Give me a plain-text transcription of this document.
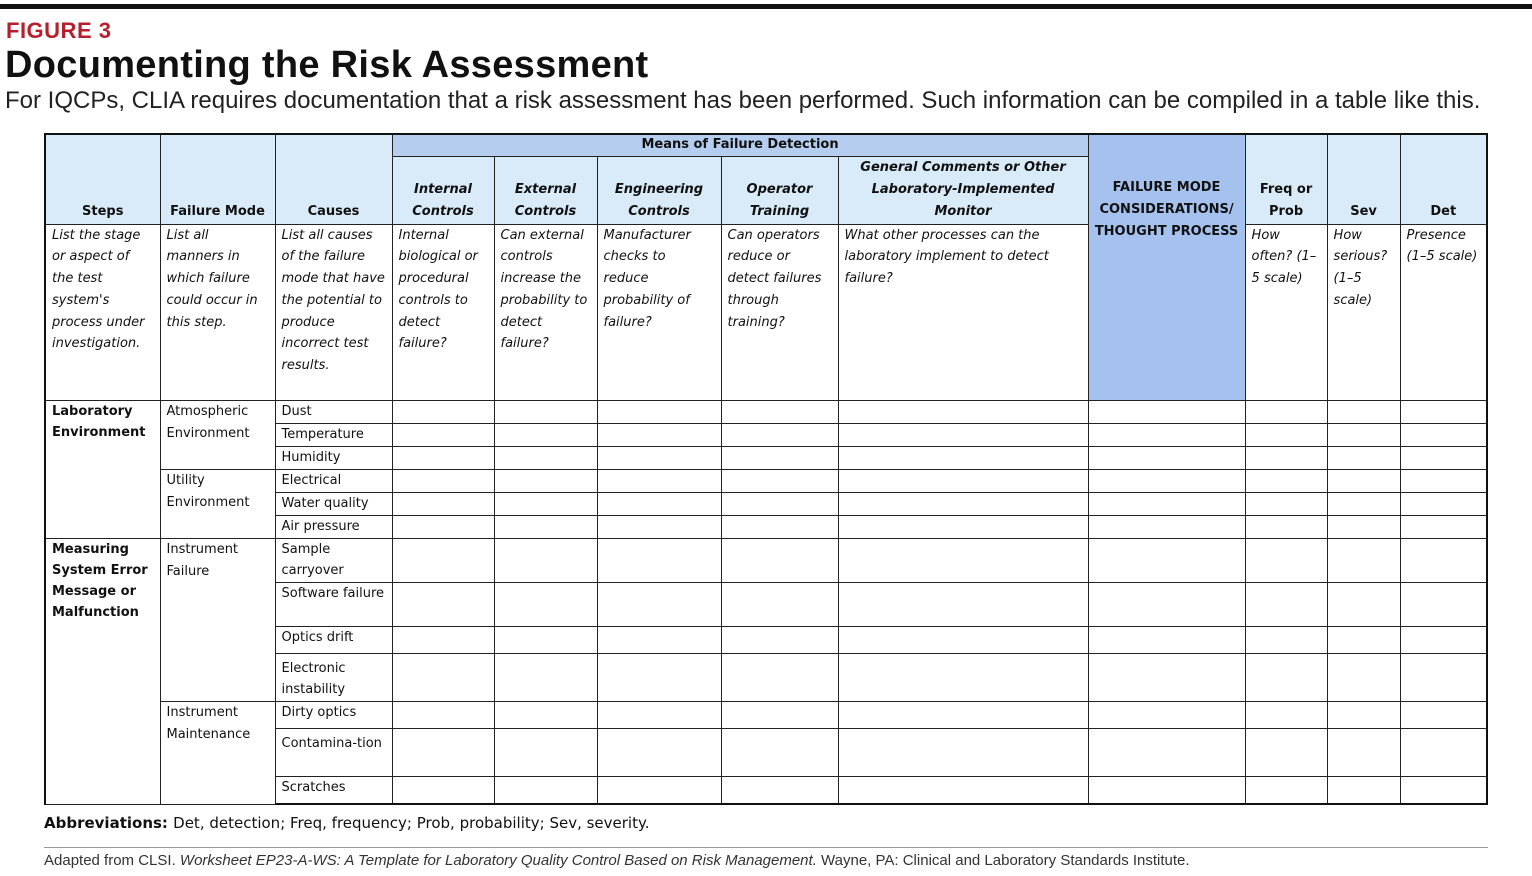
FIGURE 3
Documenting the Risk Assessment
For IQCPs, CLIA requires documentation that a risk assessment has been performed. Such information can be compiled in a table like this.
Steps	Failure Mode	Causes	Means of Failure Detection					FAILURE MODE CONSIDERATIONS/ THOUGHT PROCESS	Freq or Prob	Sev	Det	
			Internal Controls	External Controls	Engineering Controls	Operator Training	General Comments or Other Laboratory-Implemented Monitor					
List the stage or aspect of the test system's process under investigation.	List all manners in which failure could occur in this step.	List all causes of the failure mode that have the potential to produce incorrect test results.	Internal biological or procedural controls to detect failure?	Can external controls increase the probability to detect failure?	Manufacturer checks to reduce probability of failure?	Can operators reduce or detect failures through training?	What other processes can the laboratory implement to detect failure?		How often? (1–5 scale)	How serious? (1–5 scale)	Presence (1–5 scale)	
Laboratory Environment	Atmospheric Environment	Dust										
		Temperature										
		Humidity										
	Utility Environment	Electrical										
		Water quality										
		Air pressure										
Measuring System Error Message or Malfunction	Instrument Failure	Sample carryover										
		Software failure										
		Optics drift										
		Electronic instability										
	Instrument Maintenance	Dirty optics										
		Contamina-tion										
		Scratches										
Abbreviations: Det, detection; Freq, frequency; Prob, probability; Sev, severity.
Adapted from CLSI. Worksheet EP23-A-WS: A Template for Laboratory Quality Control Based on Risk Management. Wayne, PA: Clinical and Laboratory Standards Institute.
